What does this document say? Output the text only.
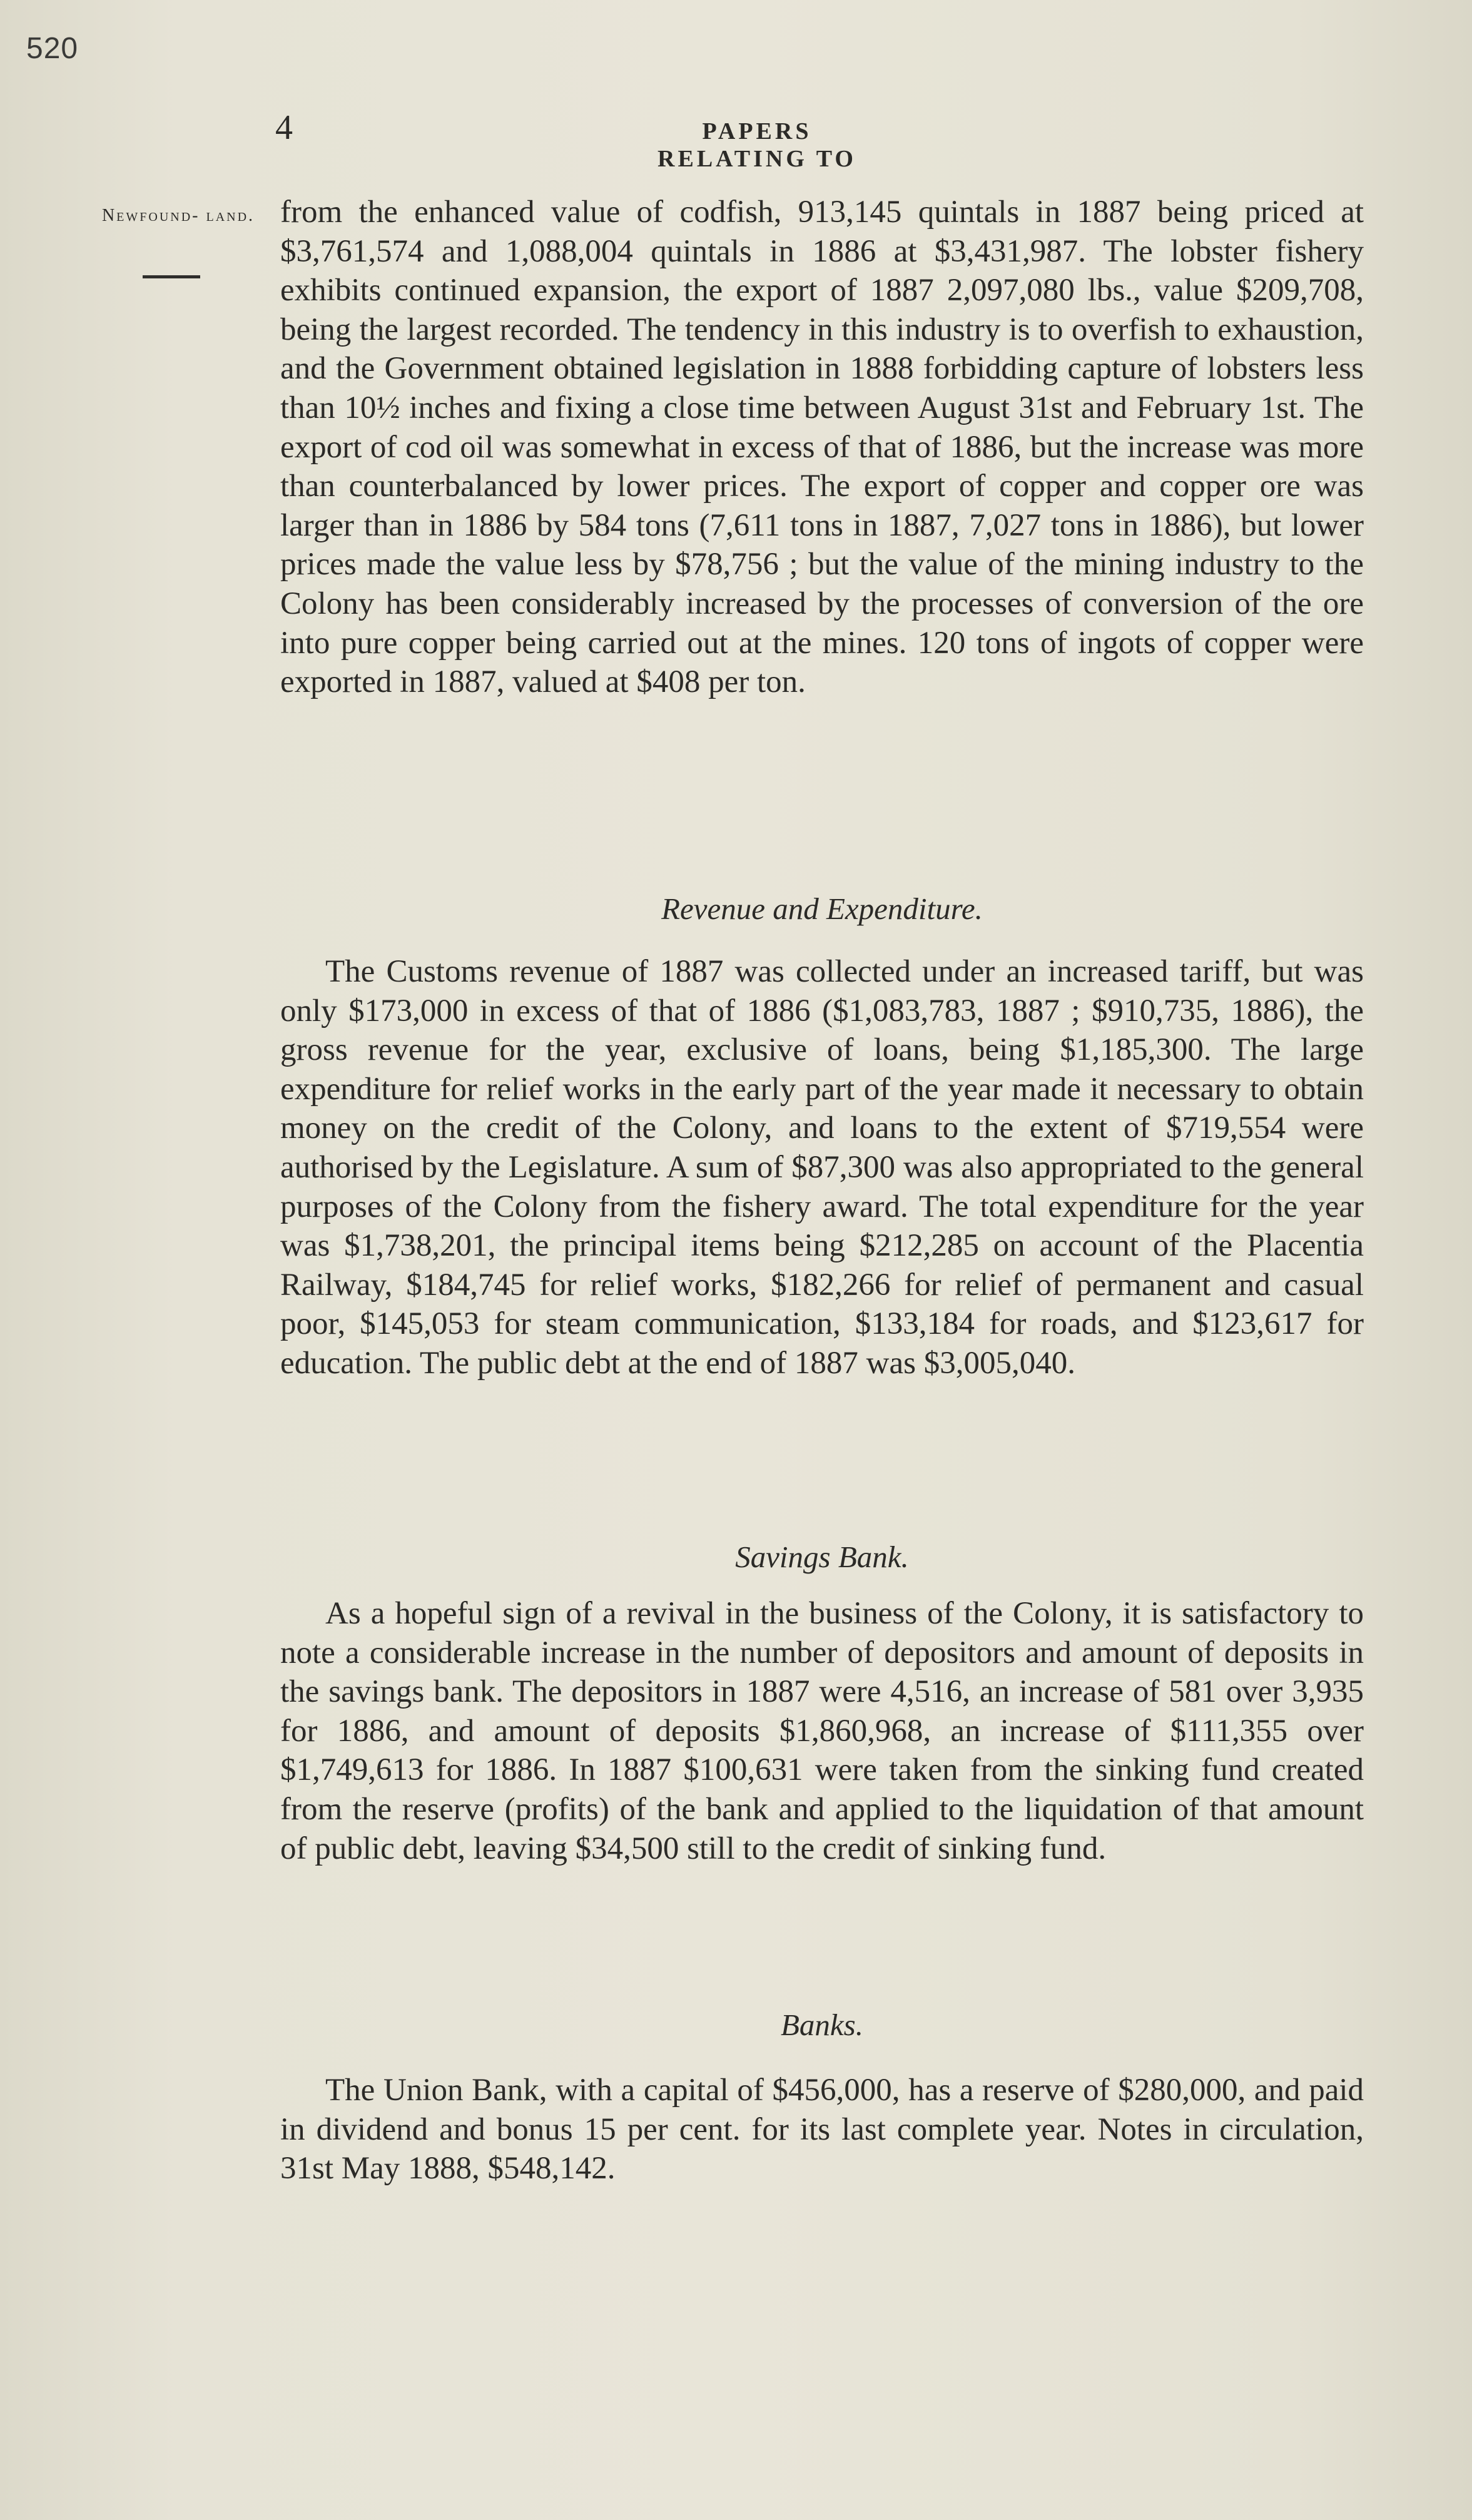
520
4	PAPERS RELATING TO
Newfound- land. from the enhanced value of codfish, 913,145 quintals in 1887 being priced at $3,761,574 and 1,088,004 quintals in 1886 at $3,431,987. The lobster fishery exhibits continued expansion, the export of 1887 2,097,080 lbs., value $209,708, being the largest recorded. The tendency in this industry is to overfish to exhaustion, and the Government obtained legislation in 1888 forbidding capture of lobsters less than 10½ inches and fixing a close time between August 31st and February 1st. The export of cod oil was somewhat in excess of that of 1886, but the increase was more than counterbalanced by lower prices. The export of copper and copper ore was larger than in 1886 by 584 tons (7,611 tons in 1887, 7,027 tons in 1886), but lower prices made the value less by $78,756 ; but the value of the mining industry to the Colony has been considerably increased by the processes of conversion of the ore into pure copper being carried out at the mines. 120 tons of ingots of copper were exported in 1887, valued at $408 per ton.

Revenue and Expenditure.

The Customs revenue of 1887 was collected under an increased tariff, but was only $173,000 in excess of that of 1886 ($1,083,783, 1887 ; $910,735, 1886), the gross revenue for the year, exclusive of loans, being $1,185,300. The large expenditure for relief works in the early part of the year made it necessary to obtain money on the credit of the Colony, and loans to the extent of $719,554 were authorised by the Legislature. A sum of $87,300 was also appropriated to the general purposes of the Colony from the fishery award. The total expenditure for the year was $1,738,201, the principal items being $212,285 on account of the Placentia Railway, $184,745 for relief works, $182,266 for relief of permanent and casual poor, $145,053 for steam communication, $133,184 for roads, and $123,617 for education. The public debt at the end of 1887 was $3,005,040.

Savings Bank.

As a hopeful sign of a revival in the business of the Colony, it is satisfactory to note a considerable increase in the number of depositors and amount of deposits in the savings bank. The depositors in 1887 were 4,516, an increase of 581 over 3,935 for 1886, and amount of deposits $1,860,968, an increase of $111,355 over $1,749,613 for 1886. In 1887 $100,631 were taken from the sinking fund created from the reserve (profits) of the bank and applied to the liquidation of that amount of public debt, leaving $34,500 still to the credit of sinking fund.

Banks.

The Union Bank, with a capital of $456,000, has a reserve of $280,000, and paid in dividend and bonus 15 per cent. for its last complete year. Notes in circulation, 31st May 1888, $548,142.
